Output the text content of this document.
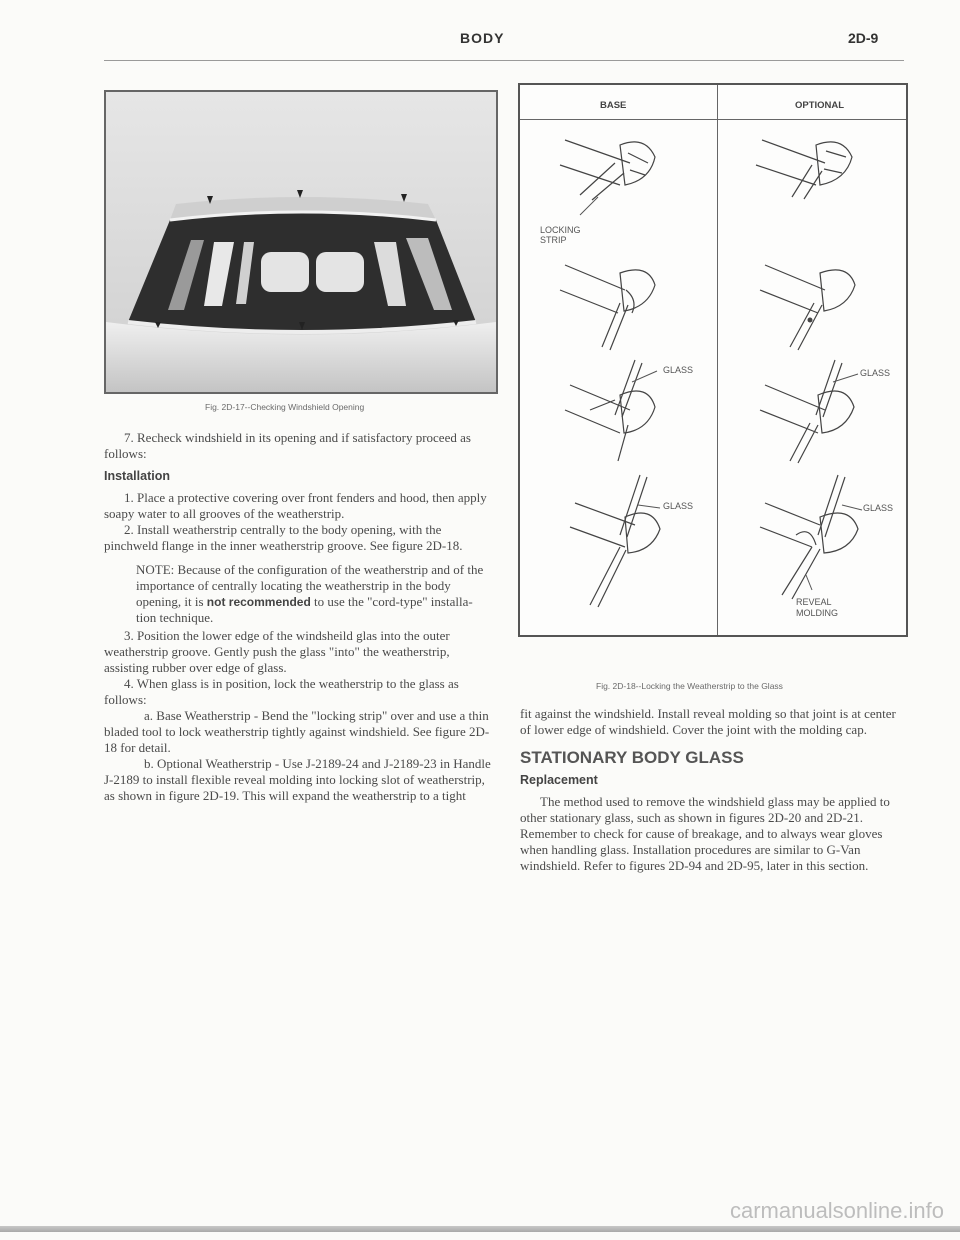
BODY	2D-9
Fig. 2D-17--Checking Windshield Opening

7. Recheck windshield in its opening and if satisfactory proceed as follows:

Installation

1. Place a protective covering over front fenders and hood, then apply soapy water to all grooves of the weatherstrip.

2. Install weatherstrip centrally to the body opening, with the pinchweld flange in the inner weatherstrip groove. See figure 2D-18.

NOTE: Because of the configuration of the weatherstrip and of the importance of centrally locating the weatherstrip in the body opening, it is not recommended to use the "cord-type" installa- tion technique.

3. Position the lower edge of the windsheild glas into the outer weatherstrip groove. Gently push the glass "into" the weatherstrip, assisting rubber over edge of glass.

4. When glass is in position, lock the weatherstrip to the glass as follows:

a. Base Weatherstrip - Bend the "locking strip" over and use a thin bladed tool to lock weatherstrip tightly against windshield. See figure 2D-18 for detail.

b. Optional Weatherstrip - Use J-2189-24 and J-2189-23 in Handle J-2189 to install flexible reveal molding into locking slot of weatherstrip, as shown in figure 2D-19. This will expand the weatherstrip to a tight

BASE	OPTIONAL
LOCKING STRIP
GLASS
GLASS
GLASS
GLASS
REVEAL MOLDING
Fig. 2D-18--Locking the Weatherstrip to the Glass

fit against the windshield. Install reveal molding so that joint is at center of lower edge of windshield. Cover the joint with the molding cap.

STATIONARY BODY GLASS

Replacement

The method used to remove the windshield glass may be applied to other stationary glass, such as shown in figures 2D-20 and 2D-21. Remember to check for cause of breakage, and to always wear gloves when handling glass. Installation procedures are similar to G-Van windshield. Refer to figures 2D-94 and 2D-95, later in this section.

carmanualsonline.info
